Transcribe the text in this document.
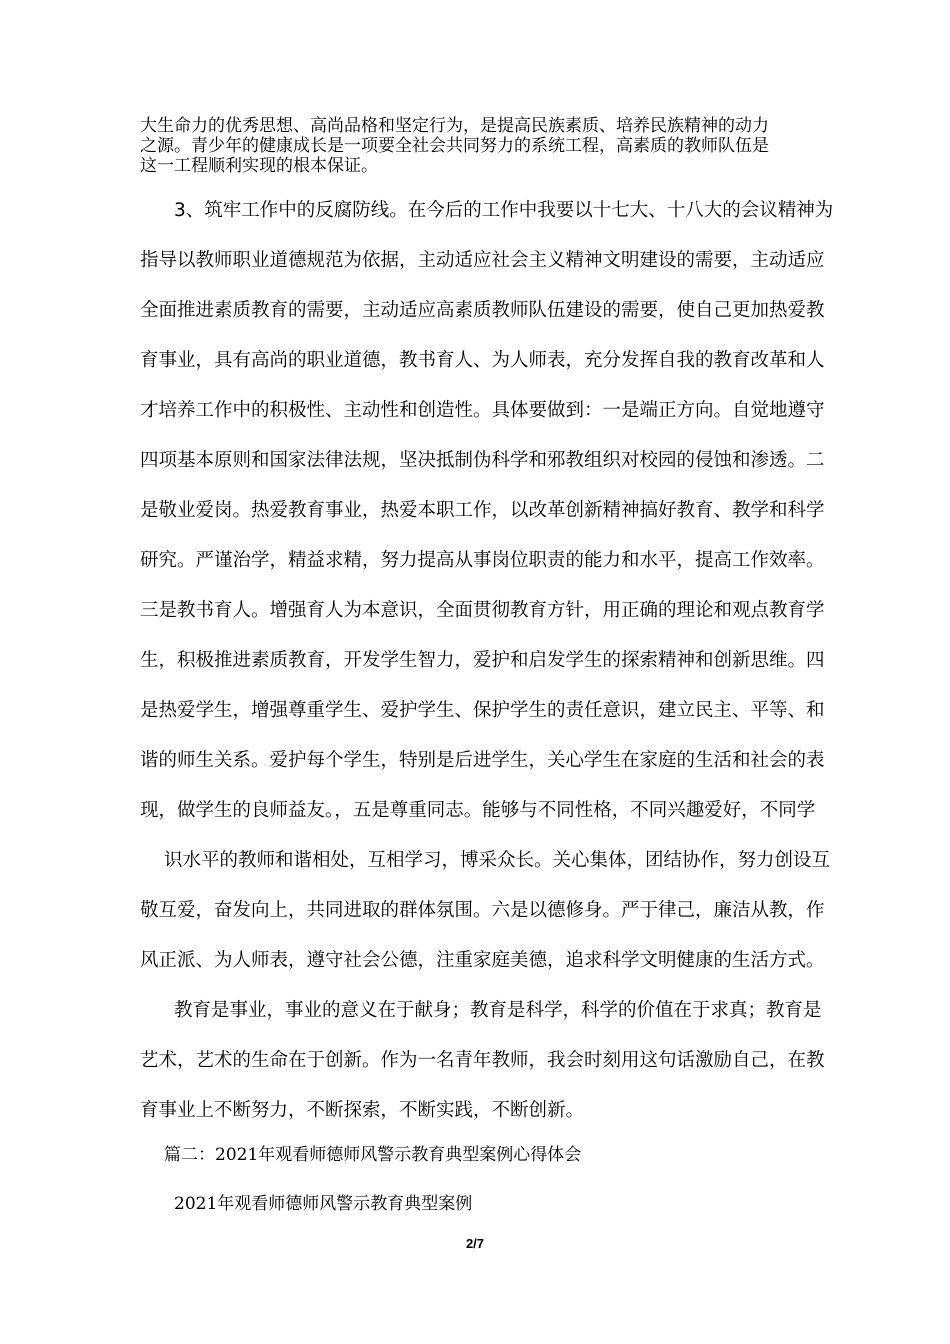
大生命力的优秀思想、高尚品格和坚定行为，是提高民族素质、培养民族精神的动力
之源。青少年的健康成长是一项要全社会共同努力的系统工程，高素质的教师队伍是
这一工程顺利实现的根本保证。
3、筑牢工作中的反腐防线。在今后的工作中我要以十七大、十八大的会议精神为
指导以教师职业道德规范为依据，主动适应社会主义精神文明建设的需要，主动适应
全面推进素质教育的需要，主动适应高素质教师队伍建设的需要，使自己更加热爱教
育事业，具有高尚的职业道德，教书育人、为人师表，充分发挥自我的教育改革和人
才培养工作中的积极性、主动性和创造性。具体要做到：一是端正方向。自觉地遵守
四项基本原则和国家法律法规，坚决抵制伪科学和邪教组织对校园的侵蚀和渗透。二
是敬业爱岗。热爱教育事业，热爱本职工作，以改革创新精神搞好教育、教学和科学
研究。严谨治学，精益求精，努力提高从事岗位职责的能力和水平，提高工作效率。
三是教书育人。增强育人为本意识，全面贯彻教育方针，用正确的理论和观点教育学
生，积极推进素质教育，开发学生智力，爱护和启发学生的探索精神和创新思维。四
是热爱学生，增强尊重学生、爱护学生、保护学生的责任意识，建立民主、平等、和
谐的师生关系。爱护每个学生，特别是后进学生，关心学生在家庭的生活和社会的表
现，做学生的良师益友。，五是尊重同志。能够与不同性格，不同兴趣爱好，不同学
识水平的教师和谐相处，互相学习，博采众长。关心集体，团结协作，努力创设互
敬互爱，奋发向上，共同进取的群体氛围。六是以德修身。严于律己，廉洁从教，作
风正派、为人师表，遵守社会公德，注重家庭美德，追求科学文明健康的生活方式。
教育是事业，事业的意义在于献身；教育是科学，科学的价值在于求真；教育是
艺术，艺术的生命在于创新。作为一名青年教师，我会时刻用这句话激励自己，在教
育事业上不断努力，不断探索，不断实践，不断创新。
篇二：2021年观看师德师风警示教育典型案例心得体会
2021年观看师德师风警示教育典型案例
2/7
